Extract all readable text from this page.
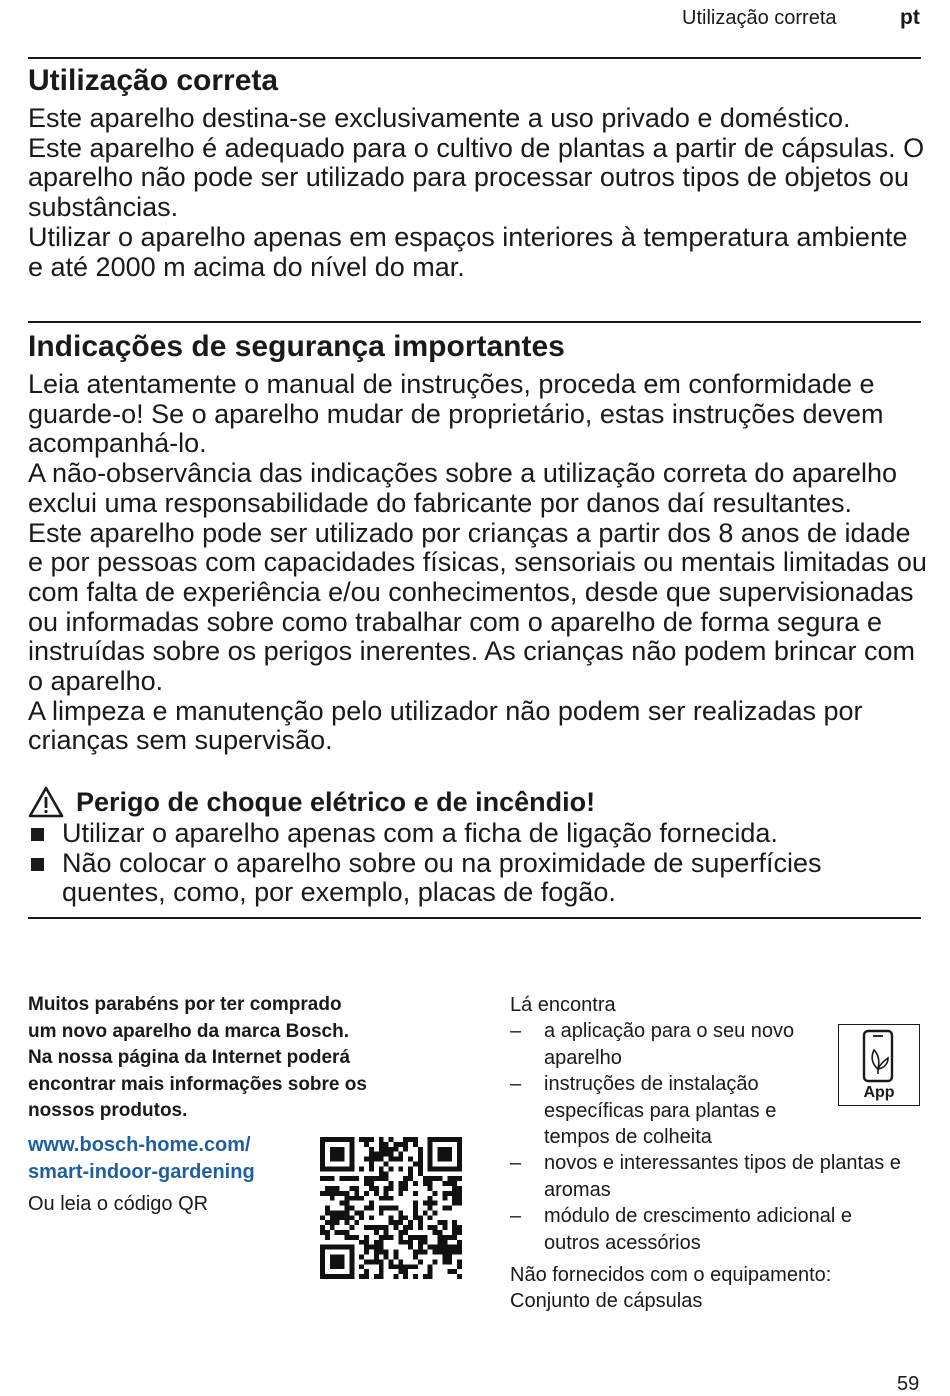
Utilização correta	pt
Utilização correta

Este aparelho destina-se exclusivamente a uso privado e doméstico.

Este aparelho é adequado para o cultivo de plantas a partir de cápsulas. O aparelho não pode ser utilizado para processar outros tipos de objetos ou substâncias.

Utilizar o aparelho apenas em espaços interiores à temperatura ambiente e até 2000 m acima do nível do mar.

Indicações de segurança importantes

Leia atentamente o manual de instruções, proceda em conformidade e guarde-o! Se o aparelho mudar de proprietário, estas instruções devem acompanhá-lo.

A não-observância das indicações sobre a utilização correta do aparelho exclui uma responsabilidade do fabricante por danos daí resultantes.

Este aparelho pode ser utilizado por crianças a partir dos 8 anos de idade e por pessoas com capacidades físicas, sensoriais ou mentais limitadas ou com falta de experiência e/ou conhecimentos, desde que supervisionadas ou informadas sobre como trabalhar com o aparelho de forma segura e instruídas sobre os perigos inerentes. As crianças não podem brincar com o aparelho.

A limpeza e manutenção pelo utilizador não podem ser realizadas por crianças sem supervisão.

Perigo de choque elétrico e de incêndio!
Utilizar o aparelho apenas com a ficha de ligação fornecida.
Não colocar o aparelho sobre ou na proximidade de superfícies quentes, como, por exemplo, placas de fogão.
Muitos parabéns por ter comprado
um novo aparelho da marca Bosch.
Na nossa página da Internet poderá
encontrar mais informações sobre os
nossos produtos.
www.bosch-home.com/
smart-indoor-gardening
Ou leia o código QR

Lá encontra

–	a aplicação para o seu novo aparelho
–	instruções de instalação específicas para plantas e tempos de colheita
–	novos e interessantes tipos de plantas e aromas
–	módulo de crescimento adicional e outros acessórios
Não fornecidos com o equipamento:
Conjunto de cápsulas
App
59
